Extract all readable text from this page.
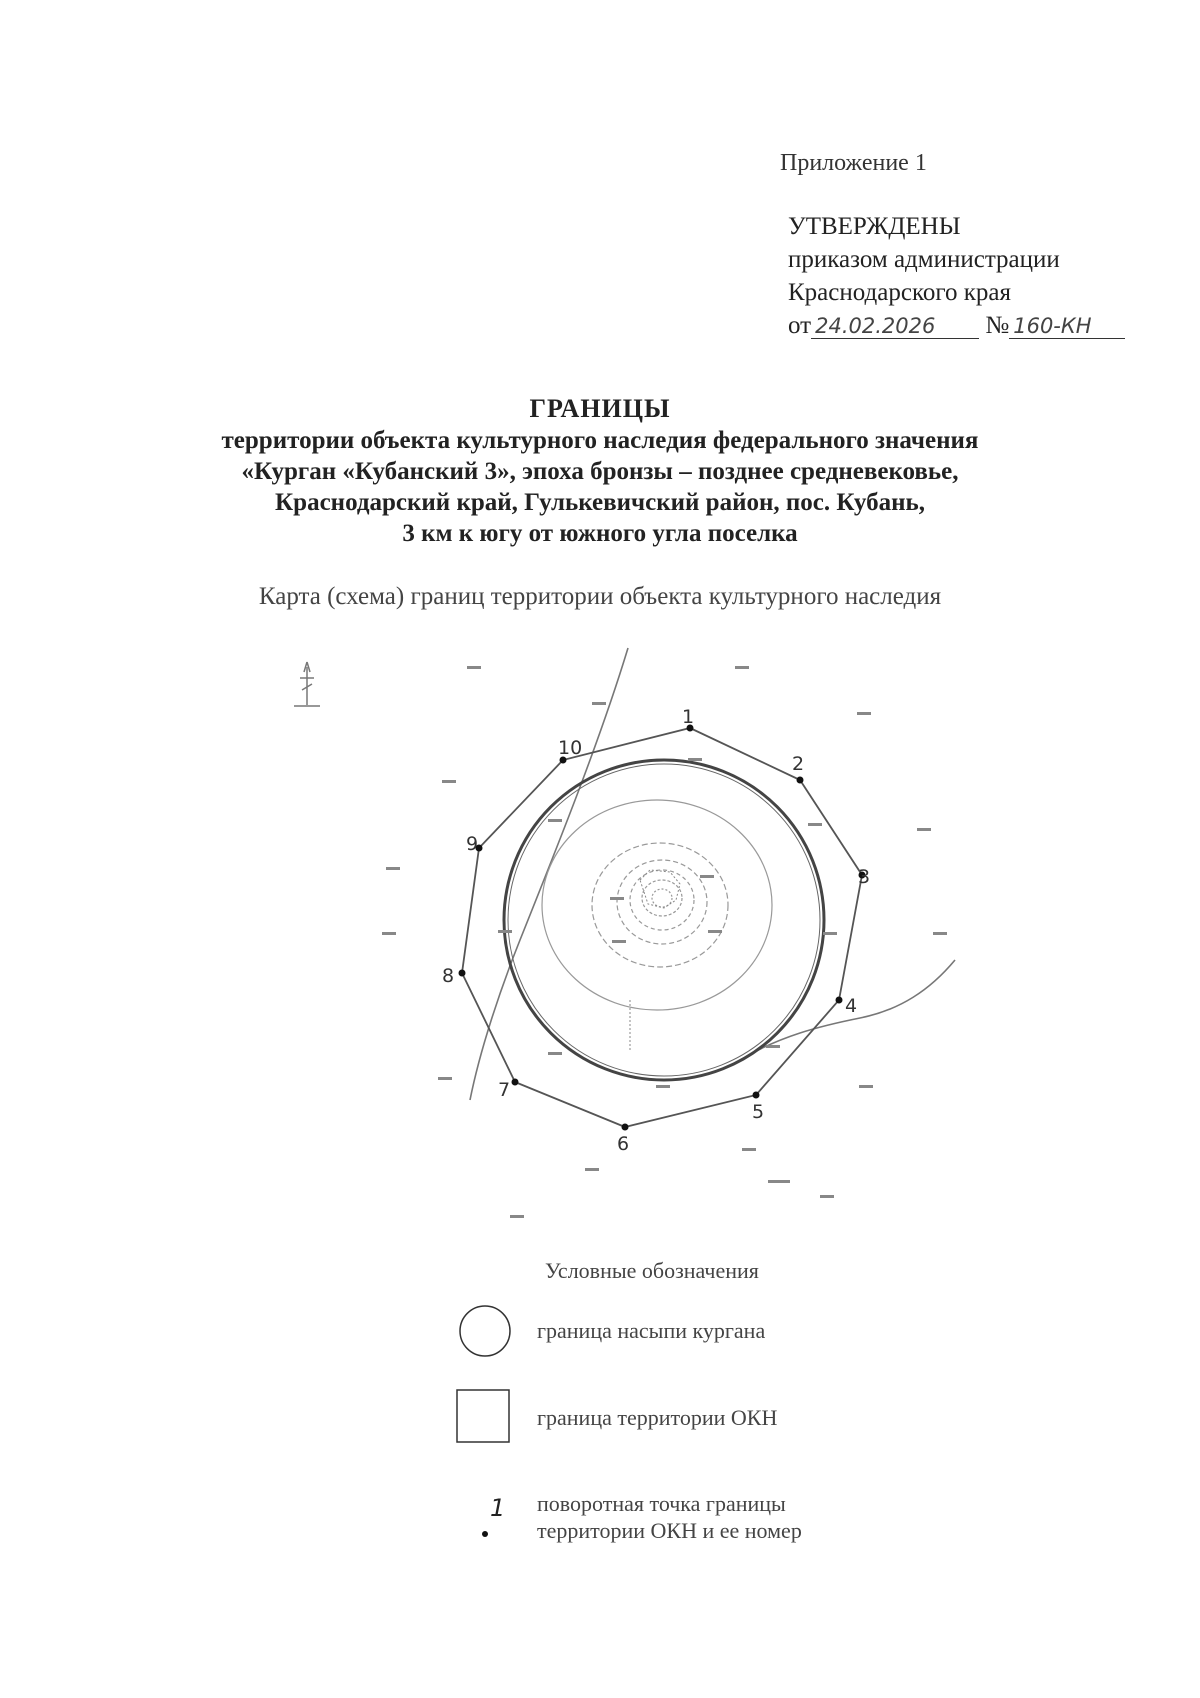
Приложение 1
УТВЕРЖДЕНЫ
приказом администрации
Краснодарского края
от 24.02.2026 № 160-КН
ГРАНИЦЫ
территории объекта культурного наследия федерального значения
«Курган «Кубанский 3», эпоха бронзы – позднее средневековье,
Краснодарский край, Гулькевичский район, пос. Кубань,
3 км к югу от южного угла поселка
Карта (схема) границ территории объекта культурного наследия
1
2
3
4
5
6
7
8
9
10
Условные обозначения
граница насыпи кургана
граница территории ОКН
1 поворотная точка границы
территории ОКН и ее номер
